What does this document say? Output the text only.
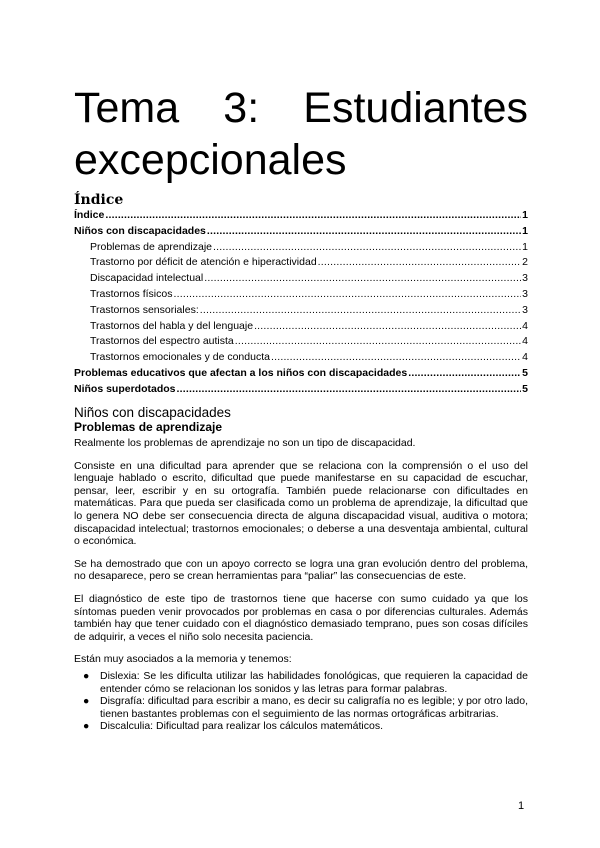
Tema 3: Estudiantes excepcionales
Índice
Índice .....	1
Niños con discapacidades .....	1
Problemas de aprendizaje .....	1
Trastorno por déficit de atención e hiperactividad .....	2
Discapacidad intelectual .....	3
Trastornos físicos .....	3
Trastornos sensoriales: .....	3
Trastornos del habla y del lenguaje .....	4
Trastornos del espectro autista .....	4
Trastornos emocionales y de conducta .....	4
Problemas educativos que afectan a los niños con discapacidades .....	5
Niños superdotados .....	5
Niños con discapacidades
Problemas de aprendizaje

Realmente los problemas de aprendizaje no son un tipo de discapacidad.

Consiste en una dificultad para aprender que se relaciona con la comprensión o el uso del lenguaje hablado o escrito, dificultad que puede manifestarse en su capacidad de escuchar, pensar, leer, escribir y en su ortografía. También puede relacionarse con dificultades en matemáticas. Para que pueda ser clasificada como un problema de aprendizaje, la dificultad que lo genera NO debe ser consecuencia directa de alguna discapacidad visual, auditiva o motora; discapacidad intelectual; trastornos emocionales; o deberse a una desventaja ambiental, cultural o económica.

Se ha demostrado que con un apoyo correcto se logra una gran evolución dentro del problema, no desaparece, pero se crean herramientas para “paliar” las consecuencias de este.

El diagnóstico de este tipo de trastornos tiene que hacerse con sumo cuidado ya que los síntomas pueden venir provocados por problemas en casa o por diferencias culturales. Además también hay que tener cuidado con el diagnóstico demasiado temprano, pues son cosas difíciles de adquirir, a veces el niño solo necesita paciencia.

Están muy asociados a la memoria y tenemos:

● Dislexia: Se les dificulta utilizar las habilidades fonológicas, que requieren la capacidad de entender cómo se relacionan los sonidos y las letras para formar palabras.
● Disgrafía: dificultad para escribir a mano, es decir su caligrafía no es legible; y por otro lado, tienen bastantes problemas con el seguimiento de las normas ortográficas arbitrarias.
● Discalculia: Dificultad para realizar los cálculos matemáticos.
1
